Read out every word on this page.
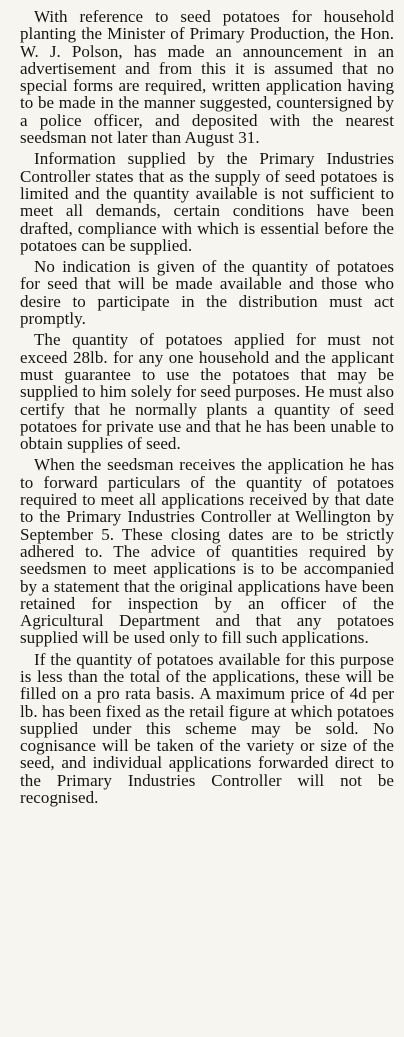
With reference to seed potatoes for household planting the Minister of Primary Production, the Hon. W. J. Polson, has made an announcement in an advertisement and from this it is assumed that no special forms are required, written application having to be made in the manner suggested, countersigned by a police officer, and deposited with the nearest seedsman not later than August 31.

Information supplied by the Primary Industries Controller states that as the supply of seed potatoes is limited and the quantity available is not sufficient to meet all demands, certain conditions have been drafted, compliance with which is essential before the potatoes can be supplied.

No indication is given of the quantity of potatoes for seed that will be made available and those who desire to participate in the distribution must act promptly.

The quantity of potatoes applied for must not exceed 28lb. for any one household and the applicant must guarantee to use the potatoes that may be supplied to him solely for seed purposes. He must also certify that he normally plants a quantity of seed potatoes for private use and that he has been unable to obtain supplies of seed.

When the seedsman receives the application he has to forward particulars of the quantity of potatoes required to meet all applications received by that date to the Primary Industries Controller at Wellington by September 5. These closing dates are to be strictly adhered to. The advice of quantities required by seedsmen to meet applications is to be accompanied by a statement that the original applications have been retained for inspection by an officer of the Agricultural Department and that any potatoes supplied will be used only to fill such applications.

If the quantity of potatoes available for this purpose is less than the total of the applications, these will be filled on a pro rata basis. A maximum price of 4d per lb. has been fixed as the retail figure at which potatoes supplied under this scheme may be sold. No cognisance will be taken of the variety or size of the seed, and individual applications forwarded direct to the Primary Industries Controller will not be recognised.
